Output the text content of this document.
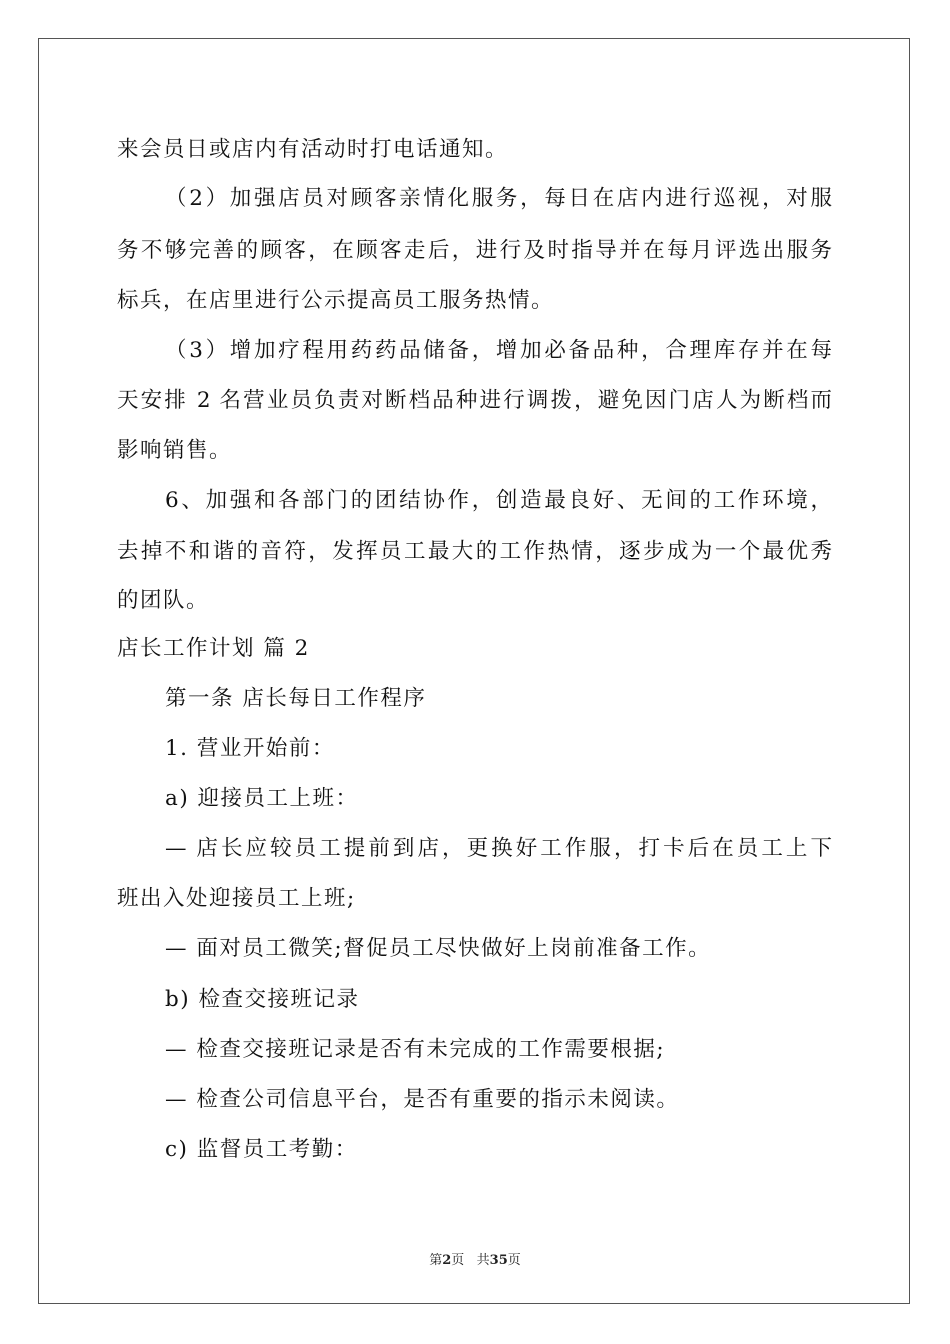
来会员日或店内有活动时打电话通知。

（2）加强店员对顾客亲情化服务，每日在店内进行巡视，对服

务不够完善的顾客，在顾客走后，进行及时指导并在每月评选出服务

标兵，在店里进行公示提高员工服务热情。

（3）增加疗程用药药品储备，增加必备品种，合理库存并在每

天安排 2 名营业员负责对断档品种进行调拨，避免因门店人为断档而

影响销售。

6、加强和各部门的团结协作，创造最良好、无间的工作环境，

去掉不和谐的音符，发挥员工最大的工作热情，逐步成为一个最优秀

的团队。

店长工作计划 篇 2

第一条 店长每日工作程序

1. 营业开始前：

a) 迎接员工上班：

— 店长应较员工提前到店，更换好工作服，打卡后在员工上下

班出入处迎接员工上班;

— 面对员工微笑;督促员工尽快做好上岗前准备工作。

b) 检查交接班记录

— 检查交接班记录是否有未完成的工作需要根据;

— 检查公司信息平台，是否有重要的指示未阅读。

c) 监督员工考勤：

第2页   共35页
